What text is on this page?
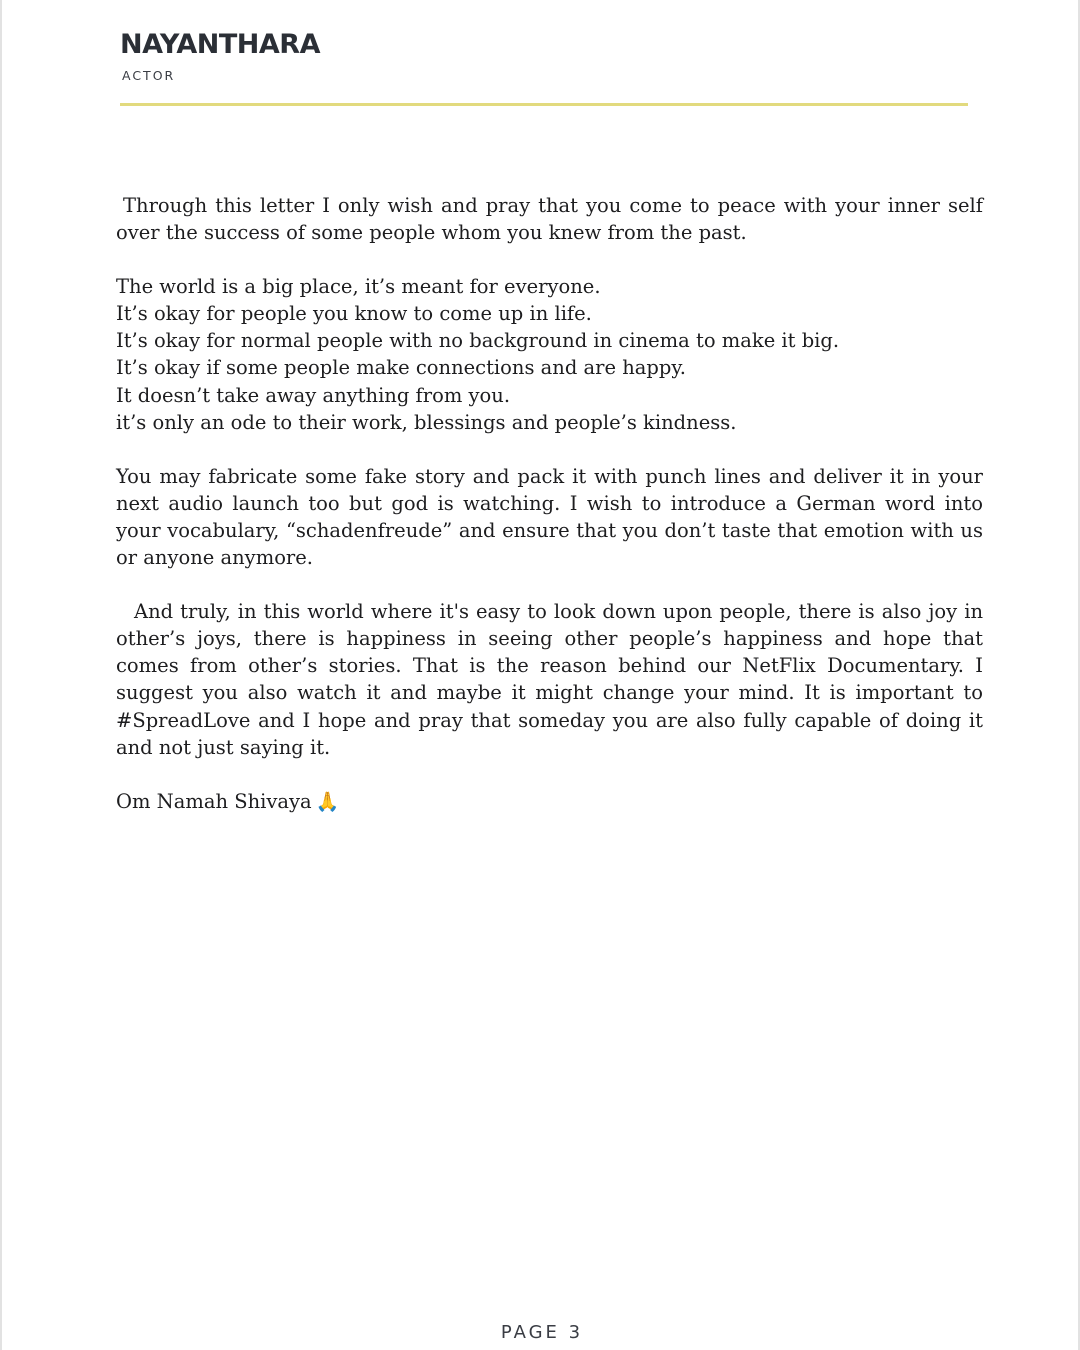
NAYANTHARA
ACTOR

Through this letter I only wish and pray that you come to peace with your inner self over the success of some people whom you knew from the past.

The world is a big place, it’s meant for everyone.
It’s okay for people you know to come up in life.
It’s okay for normal people with no background in cinema to make it big.
It’s okay if some people make connections and are happy.
It doesn’t take away anything from you.
it’s only an ode to their work, blessings and people’s kindness.

You may fabricate some fake story and pack it with punch lines and deliver it in your next audio launch too but god is watching. I wish to introduce a German word into your vocabulary, “schadenfreude” and ensure that you don’t taste that emotion with us or anyone anymore.

And truly, in this world where it's easy to look down upon people, there is also joy in other’s joys, there is happiness in seeing other people’s happiness and hope that comes from other’s stories. That is the reason behind our NetFlix Documentary. I suggest you also watch it and maybe it might change your mind. It is important to #SpreadLove and I hope and pray that someday you are also fully capable of doing it and not just saying it.

Om Namah Shivaya 🙏

PAGE 3
